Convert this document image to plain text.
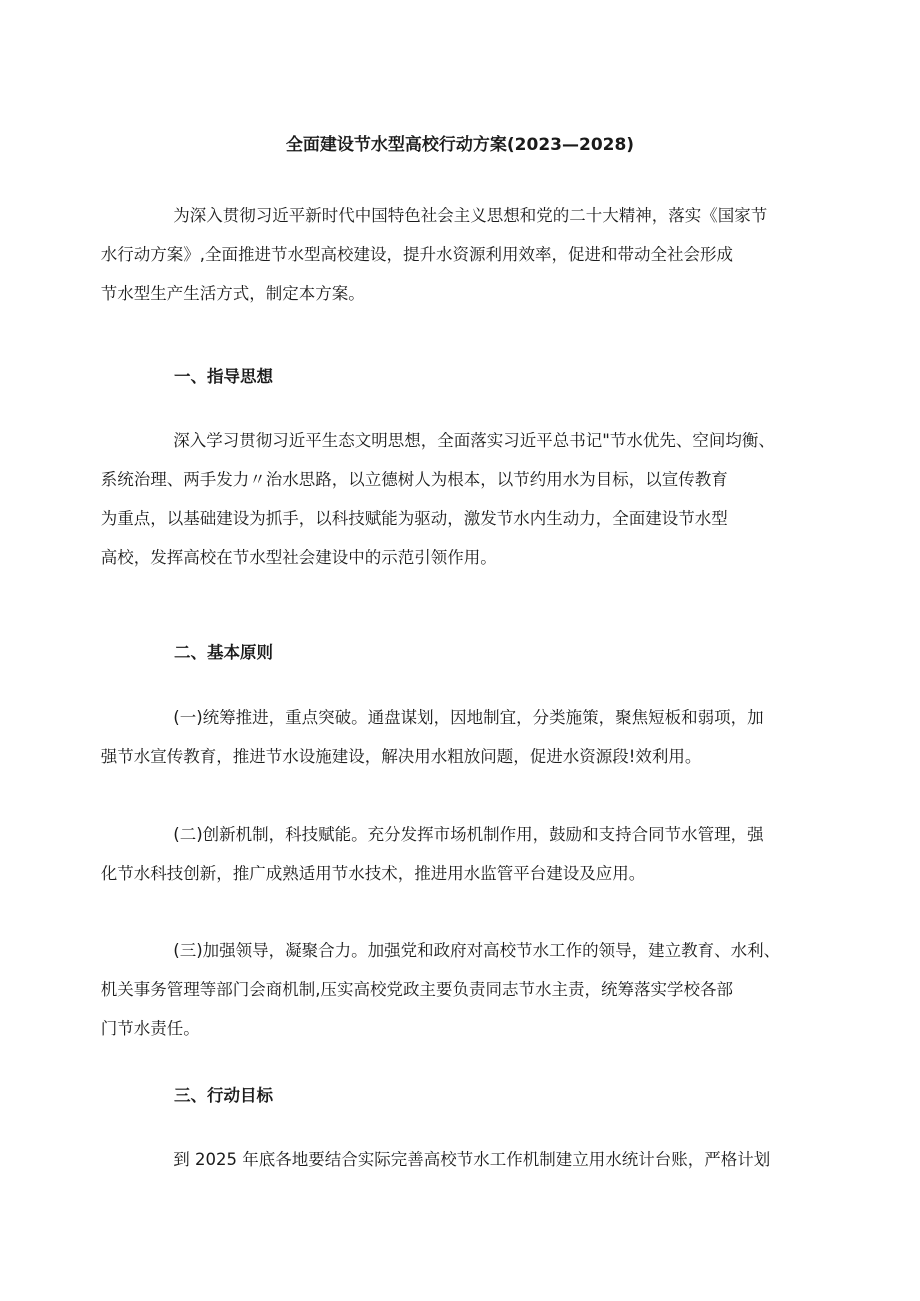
全面建设节水型高校行动方案(2023—2028)

为深入贯彻习近平新时代中国特色社会主义思想和党的二十大精神，落实《国家节
水行动方案》,全面推进节水型高校建设，提升水资源利用效率，促进和带动全社会形成
节水型生产生活方式，制定本方案。

一、指导思想

深入学习贯彻习近平生态文明思想，全面落实习近平总书记"节水优先、空间均衡、
系统治理、两手发力〃治水思路，以立德树人为根本，以节约用水为目标，以宣传教育
为重点，以基础建设为抓手，以科技赋能为驱动，激发节水内生动力，全面建设节水型
高校，发挥高校在节水型社会建设中的示范引领作用。

二、基本原则

(一)统筹推进，重点突破。通盘谋划，因地制宜，分类施策，聚焦短板和弱项，加
强节水宣传教育，推进节水设施建设，解决用水粗放问题，促进水资源段!效利用。

(二)创新机制，科技赋能。充分发挥市场机制作用，鼓励和支持合同节水管理，强
化节水科技创新，推广成熟适用节水技术，推进用水监管平台建设及应用。

(三)加强领导，凝聚合力。加强党和政府对高校节水工作的领导，建立教育、水利、
机关事务管理等部门会商机制,压实高校党政主要负责同志节水主责，统筹落实学校各部
门节水责任。

三、行动目标

到 2025 年底各地要结合实际完善高校节水工作机制建立用水统计台账，严格计划
